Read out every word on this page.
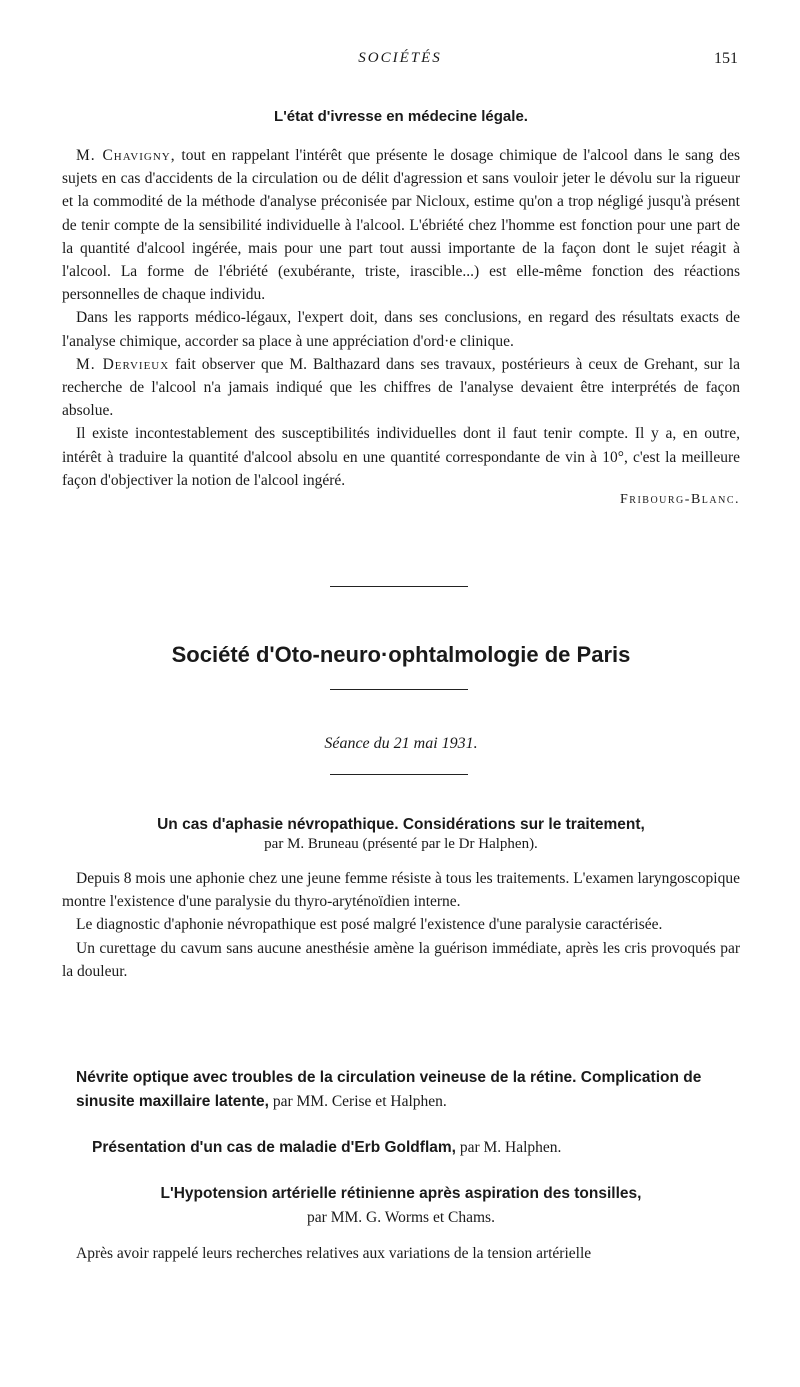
SOCIÉTÉS	151
L'état d'ivresse en médecine légale.

M. Chavigny, tout en rappelant l'intérêt que présente le dosage chimique de l'alcool dans le sang des sujets en cas d'accidents de la circulation ou de délit d'agression et sans vouloir jeter le dévolu sur la rigueur et la commodité de la méthode d'analyse préconisée par Nicloux, estime qu'on a trop négligé jusqu'à présent de tenir compte de la sensibilité individuelle à l'alcool. L'ébriété chez l'homme est fonction pour une part de la quantité d'alcool ingérée, mais pour une part tout aussi importante de la façon dont le sujet réagit à l'alcool. La forme de l'ébriété (exubérante, triste, irascible...) est elle-même fonction des réactions personnelles de chaque individu.

Dans les rapports médico-légaux, l'expert doit, dans ses conclusions, en regard des résultats exacts de l'analyse chimique, accorder sa place à une appréciation d'ord·e clinique.

M. Dervieux fait observer que M. Balthazard dans ses travaux, postérieurs à ceux de Grehant, sur la recherche de l'alcool n'a jamais indiqué que les chiffres de l'analyse devaient être interprétés de façon absolue.

Il existe incontestablement des susceptibilités individuelles dont il faut tenir compte. Il y a, en outre, intérêt à traduire la quantité d'alcool absolu en une quantité correspondante de vin à 10°, c'est la meilleure façon d'objectiver la notion de l'alcool ingéré.

Fribourg-Blanc.
Société d'Oto-neuro·ophtalmologie de Paris
Séance du 21 mai 1931.
Un cas d'aphasie névropathique. Considérations sur le traitement,
par M. Bruneau (présenté par le Dr Halphen).

Depuis 8 mois une aphonie chez une jeune femme résiste à tous les traitements. L'examen laryngoscopique montre l'existence d'une paralysie du thyro-aryténoïdien interne.

Le diagnostic d'aphonie névropathique est posé malgré l'existence d'une paralysie caractérisée.

Un curettage du cavum sans aucune anesthésie amène la guérison immédiate, après les cris provoqués par la douleur.

Névrite optique avec troubles de la circulation veineuse de la rétine. Complication de sinusite maxillaire latente, par MM. Cerise et Halphen.
Présentation d'un cas de maladie d'Erb Goldflam, par M. Halphen.
L'Hypotension artérielle rétinienne après aspiration des tonsilles,
par MM. G. Worms et Chams.

Après avoir rappelé leurs recherches relatives aux variations de la tension artérielle
